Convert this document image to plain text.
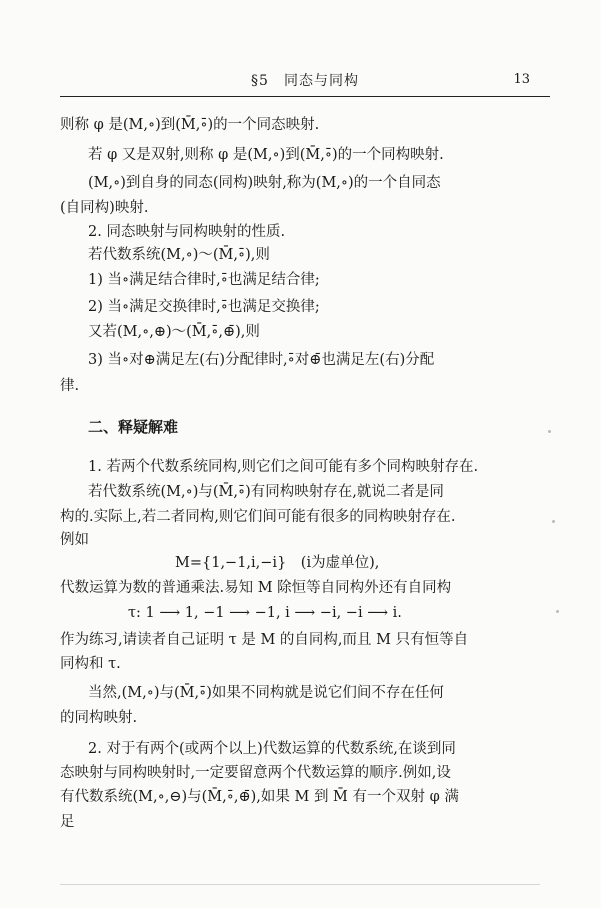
§5　同态与同构	13
则称 φ 是(M,∘)到(M̄,∘̄)的一个同态映射.
若 φ 又是双射,则称 φ 是(M,∘)到(M̄,∘̄)的一个同构映射.
(M,∘)到自身的同态(同构)映射,称为(M,∘)的一个自同态
(自同构)映射.
2. 同态映射与同构映射的性质.
若代数系统(M,∘)～(M̄,∘̄),则
1) 当∘满足结合律时,∘̄也满足结合律;
2) 当∘满足交换律时,∘̄也满足交换律;
又若(M,∘,⊕)～(M̄,∘̄,⊕̄),则
3) 当∘对⊕满足左(右)分配律时,∘̄对⊕̄也满足左(右)分配
律.
二、释疑解难
1. 若两个代数系统同构,则它们之间可能有多个同构映射存在.
若代数系统(M,∘)与(M̄,∘̄)有同构映射存在,就说二者是同
构的.实际上,若二者同构,则它们间可能有很多的同构映射存在.
例如
M={1,−1,i,−i}　(i为虚单位),
代数运算为数的普通乘法.易知 M 除恒等自同构外还有自同构
τ: 1 ⟶ 1, −1 ⟶ −1, i ⟶ −i, −i ⟶ i.
作为练习,请读者自己证明 τ 是 M 的自同构,而且 M 只有恒等自
同构和 τ.
当然,(M,∘)与(M̄,∘̄)如果不同构就是说它们间不存在任何
的同构映射.
2. 对于有两个(或两个以上)代数运算的代数系统,在谈到同
态映射与同构映射时,一定要留意两个代数运算的顺序.例如,设
有代数系统(M,∘,⊖)与(M̄,∘̄,⊕̄),如果 M 到 M̄ 有一个双射 φ 满
足
